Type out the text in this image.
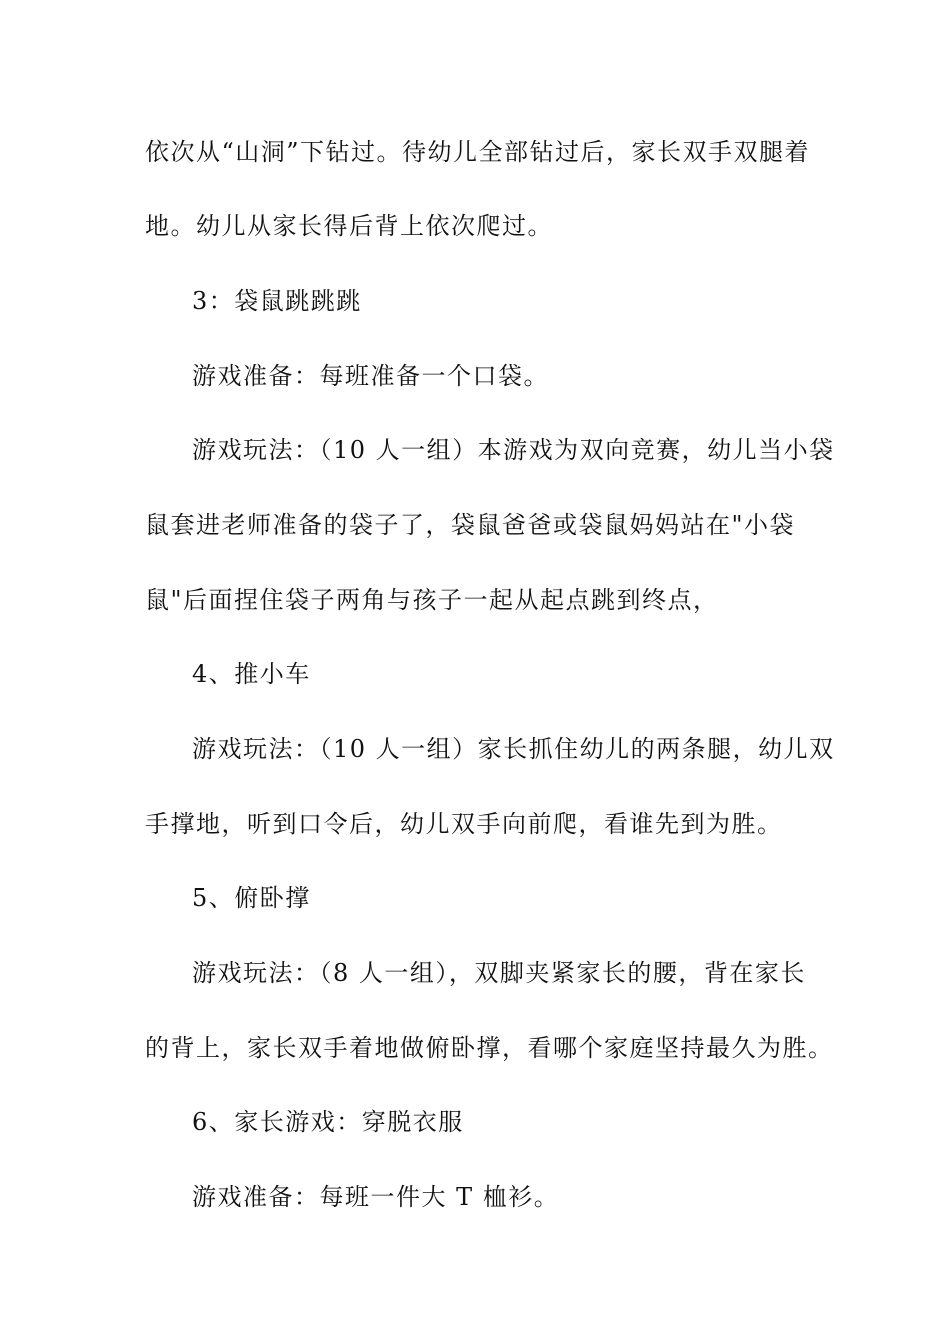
依次从“山洞”下钻过。待幼儿全部钻过后，家长双手双腿着
地。幼儿从家长得后背上依次爬过。
3：袋鼠跳跳跳
游戏准备：每班准备一个口袋。
游戏玩法：（10 人一组）本游戏为双向竞赛，幼儿当小袋
鼠套进老师准备的袋子了，袋鼠爸爸或袋鼠妈妈站在"小袋
鼠"后面捏住袋子两角与孩子一起从起点跳到终点，
4、推小车
游戏玩法：（10 人一组）家长抓住幼儿的两条腿，幼儿双
手撑地，听到口令后，幼儿双手向前爬，看谁先到为胜。
5、俯卧撑
游戏玩法：（8 人一组），双脚夹紧家长的腰，背在家长
的背上，家长双手着地做俯卧撑，看哪个家庭坚持最久为胜。
6、家长游戏：穿脱衣服
游戏准备：每班一件大 T 桖衫。
